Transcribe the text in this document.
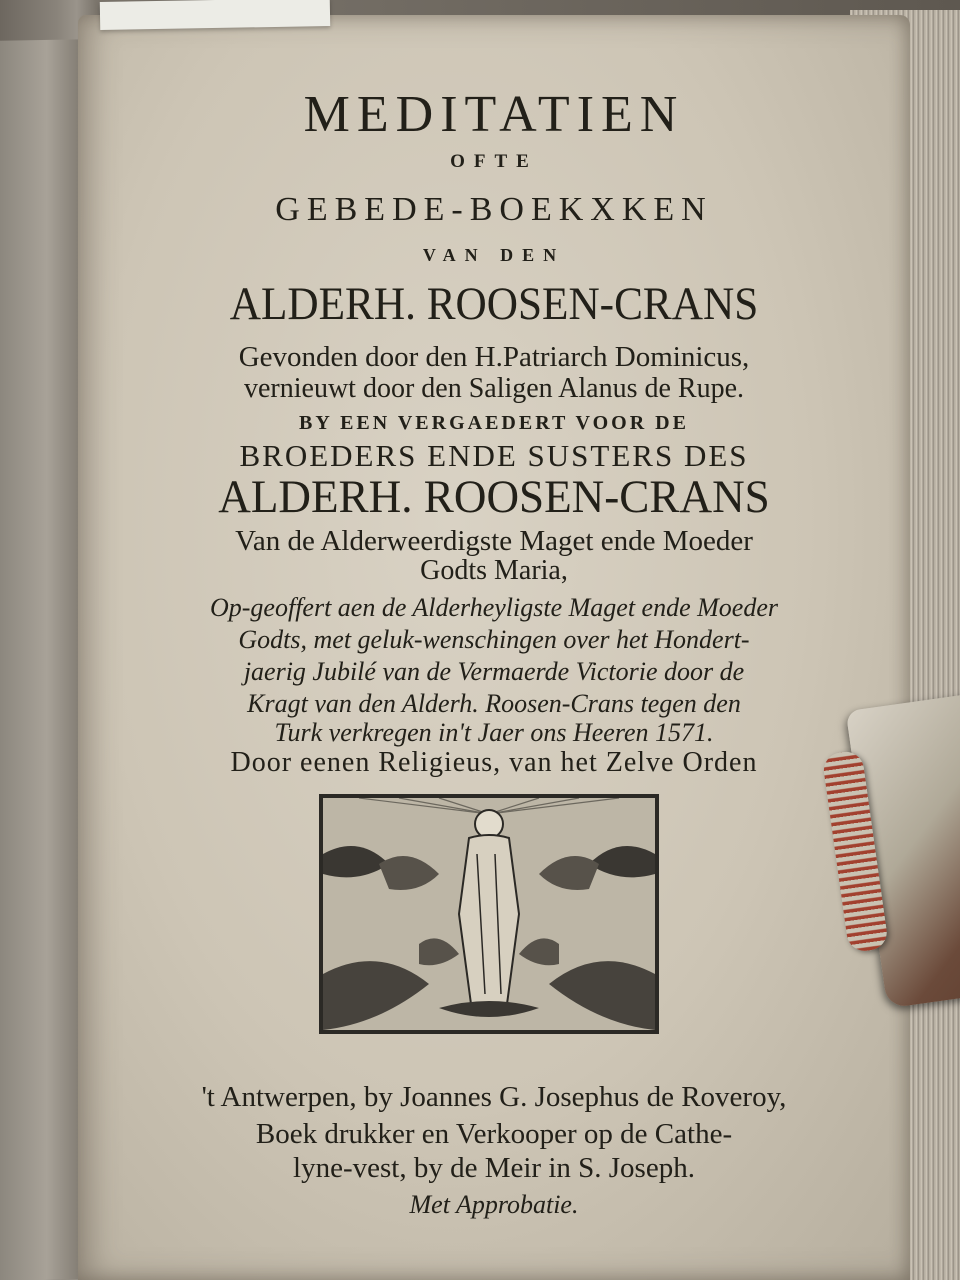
MEDITATIEN
OFTE
GEBEDE-BOEKXKEN
VAN DEN
ALDERH. ROOSEN-CRANS
Gevonden door den H.Patriarch Dominicus,
vernieuwt door den Saligen Alanus de Rupe.
BY EEN VERGAEDERT VOOR DE
BROEDERS ENDE SUSTERS DES
ALDERH. ROOSEN-CRANS
Van de Alderweerdigste Maget ende Moeder
Godts Maria,
Op-geoffert aen de Alderheyligste Maget ende Moeder
Godts, met geluk-wenschingen over het Hondert-
jaerig Jubilé van de Vermaerde Victorie door de
Kragt van den Alderh. Roosen-Crans tegen den
Turk verkregen in't Jaer ons Heeren 1571.
Door eenen Religieus, van het Zelve Orden
't Antwerpen, by Joannes G. Josephus de Roveroy,
Boek drukker en Verkooper op de Cathe-
lyne-vest, by de Meir in S. Joseph.
Met Approbatie.
